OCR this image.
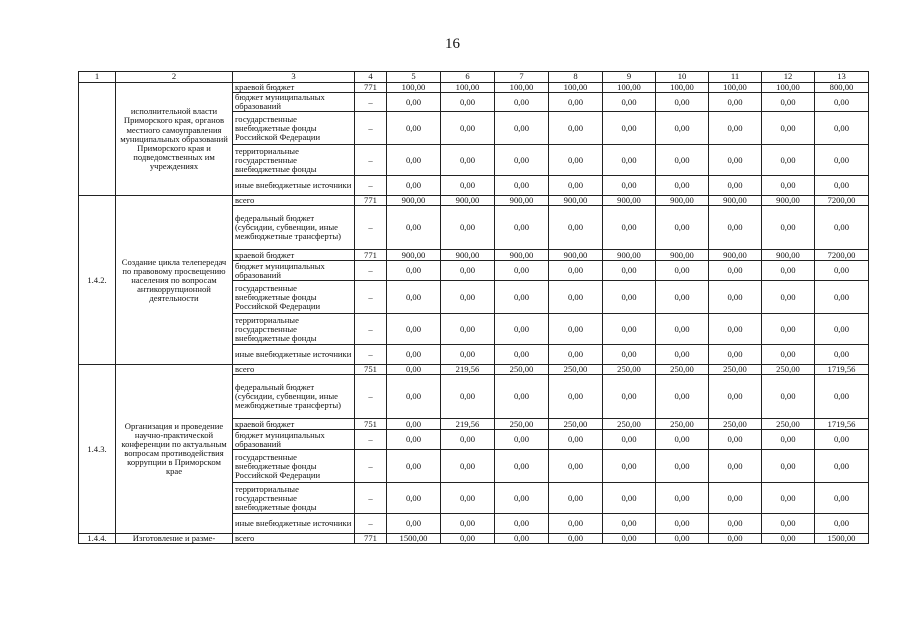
16
1	2	3	4	5	6	7	8	9	10	11	12	13
	исполнительной власти Приморского края, органов местного самоуправления муниципальных образований Приморского края и подведомственных им учреждениях	краевой бюджет	771	100,00	100,00	100,00	100,00	100,00	100,00	100,00	100,00	800,00
		бюджет муниципальных образований	–	0,00	0,00	0,00	0,00	0,00	0,00	0,00	0,00	0,00
		государственные внебюджетные фонды Российской Федерации	–	0,00	0,00	0,00	0,00	0,00	0,00	0,00	0,00	0,00
		территориальные государственные внебюджетные фонды	–	0,00	0,00	0,00	0,00	0,00	0,00	0,00	0,00	0,00
		иные внебюджетные источники	–	0,00	0,00	0,00	0,00	0,00	0,00	0,00	0,00	0,00
1.4.2.	Создание цикла телепередач по правовому просвещению населения по вопросам антикоррупционной деятельности	всего	771	900,00	900,00	900,00	900,00	900,00	900,00	900,00	900,00	7200,00
		федеральный бюджет (субсидии, субвенции, иные межбюджетные трансферты)	–	0,00	0,00	0,00	0,00	0,00	0,00	0,00	0,00	0,00
		краевой бюджет	771	900,00	900,00	900,00	900,00	900,00	900,00	900,00	900,00	7200,00
		бюджет муниципальных образований	–	0,00	0,00	0,00	0,00	0,00	0,00	0,00	0,00	0,00
		государственные внебюджетные фонды Российской Федерации	–	0,00	0,00	0,00	0,00	0,00	0,00	0,00	0,00	0,00
		территориальные государственные внебюджетные фонды	–	0,00	0,00	0,00	0,00	0,00	0,00	0,00	0,00	0,00
		иные внебюджетные источники	–	0,00	0,00	0,00	0,00	0,00	0,00	0,00	0,00	0,00
1.4.3.	Организация и проведение научно-практической конференции по актуальным вопросам противодействия коррупции в Приморском крае	всего	751	0,00	219,56	250,00	250,00	250,00	250,00	250,00	250,00	1719,56
		федеральный бюджет (субсидии, субвенции, иные межбюджетные трансферты)	–	0,00	0,00	0,00	0,00	0,00	0,00	0,00	0,00	0,00
		краевой бюджет	751	0,00	219,56	250,00	250,00	250,00	250,00	250,00	250,00	1719,56
		бюджет муниципальных образований	–	0,00	0,00	0,00	0,00	0,00	0,00	0,00	0,00	0,00
		государственные внебюджетные фонды Российской Федерации	–	0,00	0,00	0,00	0,00	0,00	0,00	0,00	0,00	0,00
		территориальные государственные внебюджетные фонды	–	0,00	0,00	0,00	0,00	0,00	0,00	0,00	0,00	0,00
		иные внебюджетные источники	–	0,00	0,00	0,00	0,00	0,00	0,00	0,00	0,00	0,00
1.4.4.	Изготовление и разме-	всего	771	1500,00	0,00	0,00	0,00	0,00	0,00	0,00	0,00	1500,00
